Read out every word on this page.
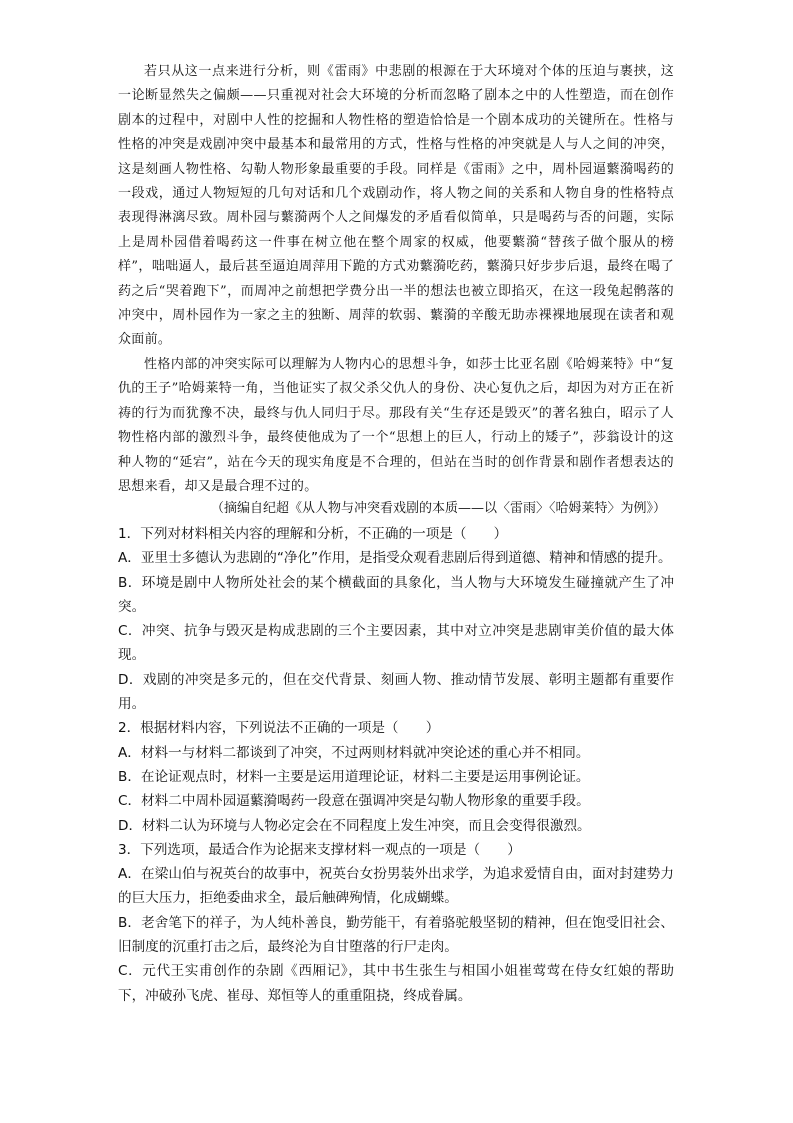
若只从这一点来进行分析，则《雷雨》中悲剧的根源在于大环境对个体的压迫与裹挟，这一论断显然失之偏颇——只重视对社会大环境的分析而忽略了剧本之中的人性塑造，而在创作剧本的过程中，对剧中人性的挖掘和人物性格的塑造恰恰是一个剧本成功的关键所在。性格与性格的冲突是戏剧冲突中最基本和最常用的方式，性格与性格的冲突就是人与人之间的冲突，这是刻画人物性格、勾勒人物形象最重要的手段。同样是《雷雨》之中，周朴园逼蘩漪喝药的一段戏，通过人物短短的几句对话和几个戏剧动作，将人物之间的关系和人物自身的性格特点表现得淋漓尽致。周朴园与蘩漪两个人之间爆发的矛盾看似简单，只是喝药与否的问题，实际上是周朴园借着喝药这一件事在树立他在整个周家的权威，他要蘩漪“替孩子做个服从的榜样”，咄咄逼人，最后甚至逼迫周萍用下跪的方式劝蘩漪吃药，蘩漪只好步步后退，最终在喝了药之后“哭着跑下”，而周冲之前想把学费分出一半的想法也被立即掐灭，在这一段兔起鹘落的冲突中，周朴园作为一家之主的独断、周萍的软弱、蘩漪的辛酸无助赤裸裸地展现在读者和观众面前。

性格内部的冲突实际可以理解为人物内心的思想斗争，如莎士比亚名剧《哈姆莱特》中“复仇的王子”哈姆莱特一角，当他证实了叔父杀父仇人的身份、决心复仇之后，却因为对方正在祈祷的行为而犹豫不决，最终与仇人同归于尽。那段有关“生存还是毁灭”的著名独白，昭示了人物性格内部的激烈斗争，最终使他成为了一个“思想上的巨人，行动上的矮子”，莎翁设计的这种人物的“延宕”，站在今天的现实角度是不合理的，但站在当时的创作背景和剧作者想表达的思想来看，却又是最合理不过的。

（摘编自纪超《从人物与冲突看戏剧的本质——以〈雷雨〉〈哈姆莱特〉为例》）

1．下列对材料相关内容的理解和分析，不正确的一项是（　　）

A．亚里士多德认为悲剧的“净化”作用，是指受众观看悲剧后得到道德、精神和情感的提升。

B．环境是剧中人物所处社会的某个横截面的具象化，当人物与大环境发生碰撞就产生了冲突。

C．冲突、抗争与毁灭是构成悲剧的三个主要因素，其中对立冲突是悲剧审美价值的最大体现。

D．戏剧的冲突是多元的，但在交代背景、刻画人物、推动情节发展、彰明主题都有重要作用。

2．根据材料内容，下列说法不正确的一项是（　　）

A．材料一与材料二都谈到了冲突，不过两则材料就冲突论述的重心并不相同。

B．在论证观点时，材料一主要是运用道理论证，材料二主要是运用事例论证。

C．材料二中周朴园逼蘩漪喝药一段意在强调冲突是勾勒人物形象的重要手段。

D．材料二认为环境与人物必定会在不同程度上发生冲突，而且会变得很激烈。

3．下列选项，最适合作为论据来支撑材料一观点的一项是（　　）

A．在梁山伯与祝英台的故事中，祝英台女扮男装外出求学，为追求爱情自由，面对封建势力的巨大压力，拒绝委曲求全，最后触碑殉情，化成蝴蝶。

B．老舍笔下的祥子，为人纯朴善良，勤劳能干，有着骆驼般坚韧的精神，但在饱受旧社会、旧制度的沉重打击之后，最终沦为自甘堕落的行尸走肉。

C．元代王实甫创作的杂剧《西厢记》，其中书生张生与相国小姐崔莺莺在侍女红娘的帮助下，冲破孙飞虎、崔母、郑恒等人的重重阻挠，终成眷属。
